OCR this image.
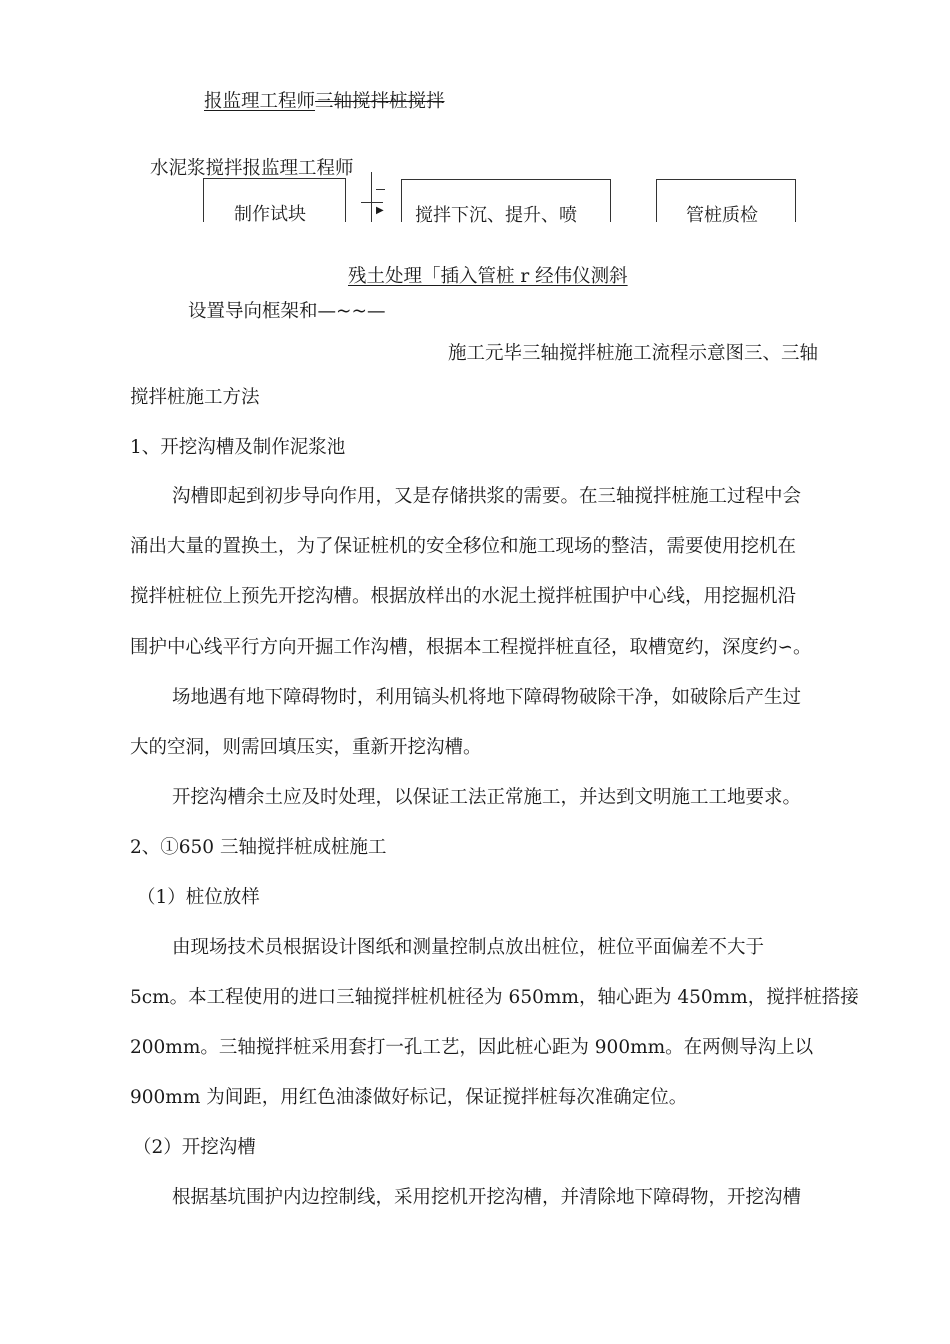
报监理工程师三轴搅拌桩搅拌
水泥浆搅拌报监理工程师
制作试块	▶ 搅拌下沉、提升、喷	管桩质检
残土处理「插入管桩 r 经伟仪测斜
设置导向框架和—~~—
施工元毕三轴搅拌桩施工流程示意图三、三轴
搅拌桩施工方法
1、开挖沟槽及制作泥浆池
沟槽即起到初步导向作用，又是存储拱浆的需要。在三轴搅拌桩施工过程中会
涌出大量的置换土，为了保证桩机的安全移位和施工现场的整洁，需要使用挖机在
搅拌桩桩位上预先开挖沟槽。根据放样出的水泥土搅拌桩围护中心线，用挖掘机沿
围护中心线平行方向开掘工作沟槽，根据本工程搅拌桩直径，取槽宽约，深度约∽。
场地遇有地下障碍物时，利用镐头机将地下障碍物破除干净，如破除后产生过
大的空洞，则需回填压实，重新开挖沟槽。
开挖沟槽余土应及时处理，以保证工法正常施工，并达到文明施工工地要求。
2、①650 三轴搅拌桩成桩施工
（1）桩位放样
由现场技术员根据设计图纸和测量控制点放出桩位，桩位平面偏差不大于
5cm。本工程使用的进口三轴搅拌桩机桩径为 650mm，轴心距为 450mm，搅拌桩搭接
200mm。三轴搅拌桩采用套打一孔工艺，因此桩心距为 900mm。在两侧导沟上以
900mm 为间距，用红色油漆做好标记，保证搅拌桩每次准确定位。
（2）开挖沟槽
根据基坑围护内边控制线，采用挖机开挖沟槽，并清除地下障碍物，开挖沟槽
